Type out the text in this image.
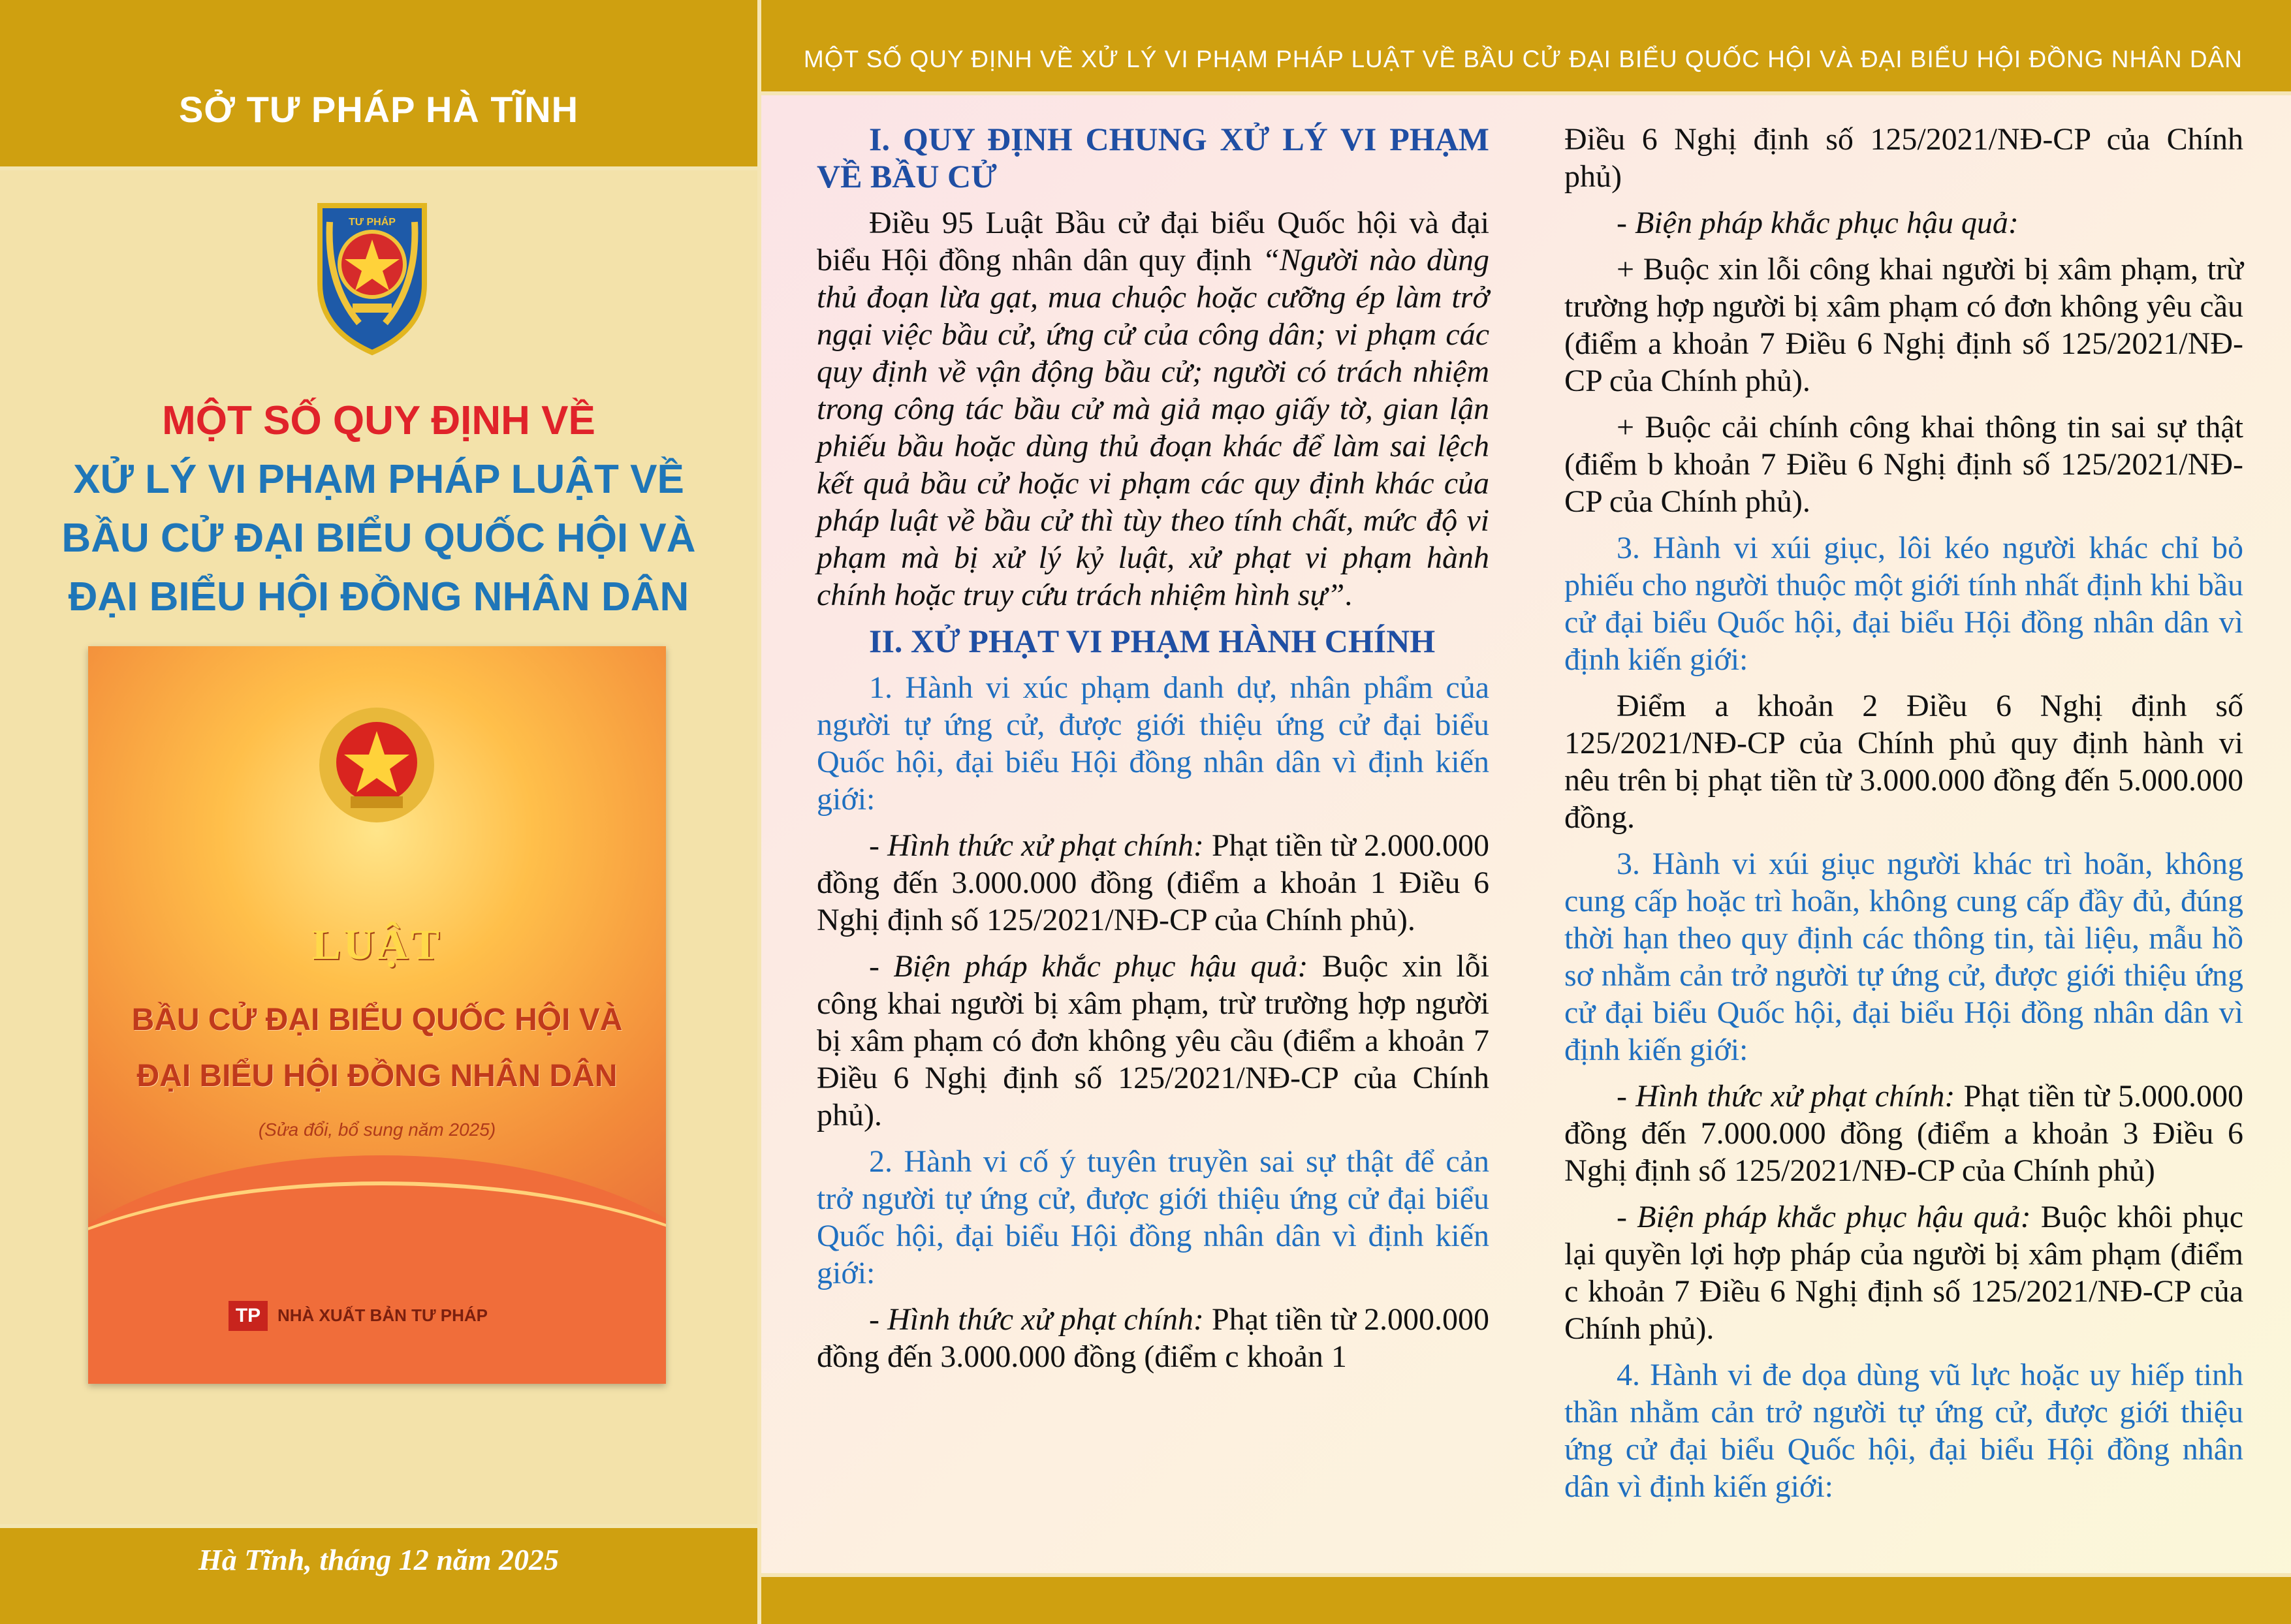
SỞ TƯ PHÁP HÀ TĨNH
TƯ PHÁP
MỘT SỐ QUY ĐỊNH VỀ
XỬ LÝ VI PHẠM PHÁP LUẬT VỀ
BẦU CỬ ĐẠI BIỂU QUỐC HỘI VÀ
ĐẠI BIỂU HỘI ĐỒNG NHÂN DÂN
LUẬT
BẦU CỬ ĐẠI BIỂU QUỐC HỘI VÀ
ĐẠI BIỂU HỘI ĐỒNG NHÂN DÂN
(Sửa đổi, bổ sung năm 2025)
TP NHÀ XUẤT BẢN TƯ PHÁP
Hà Tĩnh, tháng 12 năm 2025
MỘT SỐ QUY ĐỊNH VỀ XỬ LÝ VI PHẠM PHÁP LUẬT VỀ BẦU CỬ ĐẠI BIỂU QUỐC HỘI VÀ ĐẠI BIỂU HỘI ĐỒNG NHÂN DÂN

I. QUY ĐỊNH CHUNG XỬ LÝ VI PHẠM VỀ BẦU CỬ

Điều 95 Luật Bầu cử đại biểu Quốc hội và đại biểu Hội đồng nhân dân quy định “Người nào dùng thủ đoạn lừa gạt, mua chuộc hoặc cưỡng ép làm trở ngại việc bầu cử, ứng cử của công dân; vi phạm các quy định về vận động bầu cử; người có trách nhiệm trong công tác bầu cử mà giả mạo giấy tờ, gian lận phiếu bầu hoặc dùng thủ đoạn khác để làm sai lệch kết quả bầu cử hoặc vi phạm các quy định khác của pháp luật về bầu cử thì tùy theo tính chất, mức độ vi phạm mà bị xử lý kỷ luật, xử phạt vi phạm hành chính hoặc truy cứu trách nhiệm hình sự”.

II. XỬ PHẠT VI PHẠM HÀNH CHÍNH

1. Hành vi xúc phạm danh dự, nhân phẩm của người tự ứng cử, được giới thiệu ứng cử đại biểu Quốc hội, đại biểu Hội đồng nhân dân vì định kiến giới:

- Hình thức xử phạt chính: Phạt tiền từ 2.000.000 đồng đến 3.000.000 đồng (điểm a khoản 1 Điều 6 Nghị định số 125/2021/NĐ-CP của Chính phủ).

- Biện pháp khắc phục hậu quả: Buộc xin lỗi công khai người bị xâm phạm, trừ trường hợp người bị xâm phạm có đơn không yêu cầu (điểm a khoản 7 Điều 6 Nghị định số 125/2021/NĐ-CP của Chính phủ).

2. Hành vi cố ý tuyên truyền sai sự thật để cản trở người tự ứng cử, được giới thiệu ứng cử đại biểu Quốc hội, đại biểu Hội đồng nhân dân vì định kiến giới:

- Hình thức xử phạt chính: Phạt tiền từ 2.000.000 đồng đến 3.000.000 đồng (điểm c khoản 1

Điều 6 Nghị định số 125/2021/NĐ-CP của Chính phủ)

- Biện pháp khắc phục hậu quả:

+ Buộc xin lỗi công khai người bị xâm phạm, trừ trường hợp người bị xâm phạm có đơn không yêu cầu (điểm a khoản 7 Điều 6 Nghị định số 125/2021/NĐ-CP của Chính phủ).

+ Buộc cải chính công khai thông tin sai sự thật (điểm b khoản 7 Điều 6 Nghị định số 125/2021/NĐ-CP của Chính phủ).

3. Hành vi xúi giục, lôi kéo người khác chỉ bỏ phiếu cho người thuộc một giới tính nhất định khi bầu cử đại biểu Quốc hội, đại biểu Hội đồng nhân dân vì định kiến giới:

Điểm a khoản 2 Điều 6 Nghị định số 125/2021/NĐ-CP của Chính phủ quy định hành vi nêu trên bị phạt tiền từ 3.000.000 đồng đến 5.000.000 đồng.

3. Hành vi xúi giục người khác trì hoãn, không cung cấp hoặc trì hoãn, không cung cấp đầy đủ, đúng thời hạn theo quy định các thông tin, tài liệu, mẫu hồ sơ nhằm cản trở người tự ứng cử, được giới thiệu ứng cử đại biểu Quốc hội, đại biểu Hội đồng nhân dân vì định kiến giới:

- Hình thức xử phạt chính: Phạt tiền từ 5.000.000 đồng đến 7.000.000 đồng (điểm a khoản 3 Điều 6 Nghị định số 125/2021/NĐ-CP của Chính phủ)

- Biện pháp khắc phục hậu quả: Buộc khôi phục lại quyền lợi hợp pháp của người bị xâm phạm (điểm c khoản 7 Điều 6 Nghị định số 125/2021/NĐ-CP của Chính phủ).

4. Hành vi đe dọa dùng vũ lực hoặc uy hiếp tinh thần nhằm cản trở người tự ứng cử, được giới thiệu ứng cử đại biểu Quốc hội, đại biểu Hội đồng nhân dân vì định kiến giới:
